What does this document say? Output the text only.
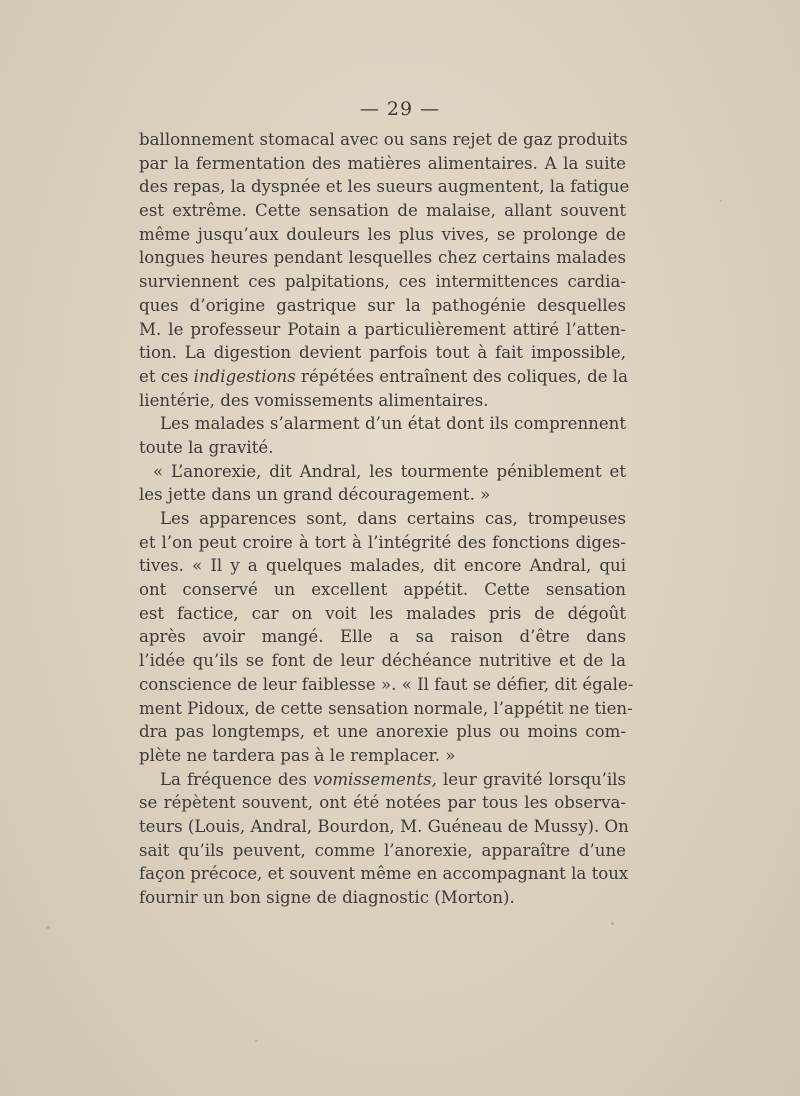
— 29 —
ballonnement stomacal avec ou sans rejet de gaz produits
par la fermentation des matières alimentaires. A la suite
des repas, la dyspnée et les sueurs augmentent, la fatigue
est extrême. Cette sensation de malaise, allant souvent
même jusqu’aux douleurs les plus vives, se prolonge de
longues heures pendant lesquelles chez certains malades
surviennent ces palpitations, ces intermittences cardia-
ques d’origine gastrique sur la pathogénie desquelles
M. le professeur Potain a particulièrement attiré l’atten-
tion. La digestion devient parfois tout à fait impossible,
et ces indigestions répétées entraînent des coliques, de la
lientérie, des vomissements alimentaires.
Les malades s’alarment d’un état dont ils comprennent
toute la gravité.
« L’anorexie, dit Andral, les tourmente péniblement et
les jette dans un grand découragement. »
Les apparences sont, dans certains cas, trompeuses
et l’on peut croire à tort à l’intégrité des fonctions diges-
tives. « Il y a quelques malades, dit encore Andral, qui
ont conservé un excellent appétit. Cette sensation
est factice, car on voit les malades pris de dégoût
après avoir mangé. Elle a sa raison d’être dans
l’idée qu’ils se font de leur déchéance nutritive et de la
conscience de leur faiblesse ». « Il faut se défier, dit égale-
ment Pidoux, de cette sensation normale, l’appétit ne tien-
dra pas longtemps, et une anorexie plus ou moins com-
plète ne tardera pas à le remplacer. »
La fréquence des vomissements, leur gravité lorsqu’ils
se répètent souvent, ont été notées par tous les observa-
teurs (Louis, Andral, Bourdon, M. Guéneau de Mussy). On
sait qu’ils peuvent, comme l’anorexie, apparaître d’une
façon précoce, et souvent même en accompagnant la toux
fournir un bon signe de diagnostic (Morton).
